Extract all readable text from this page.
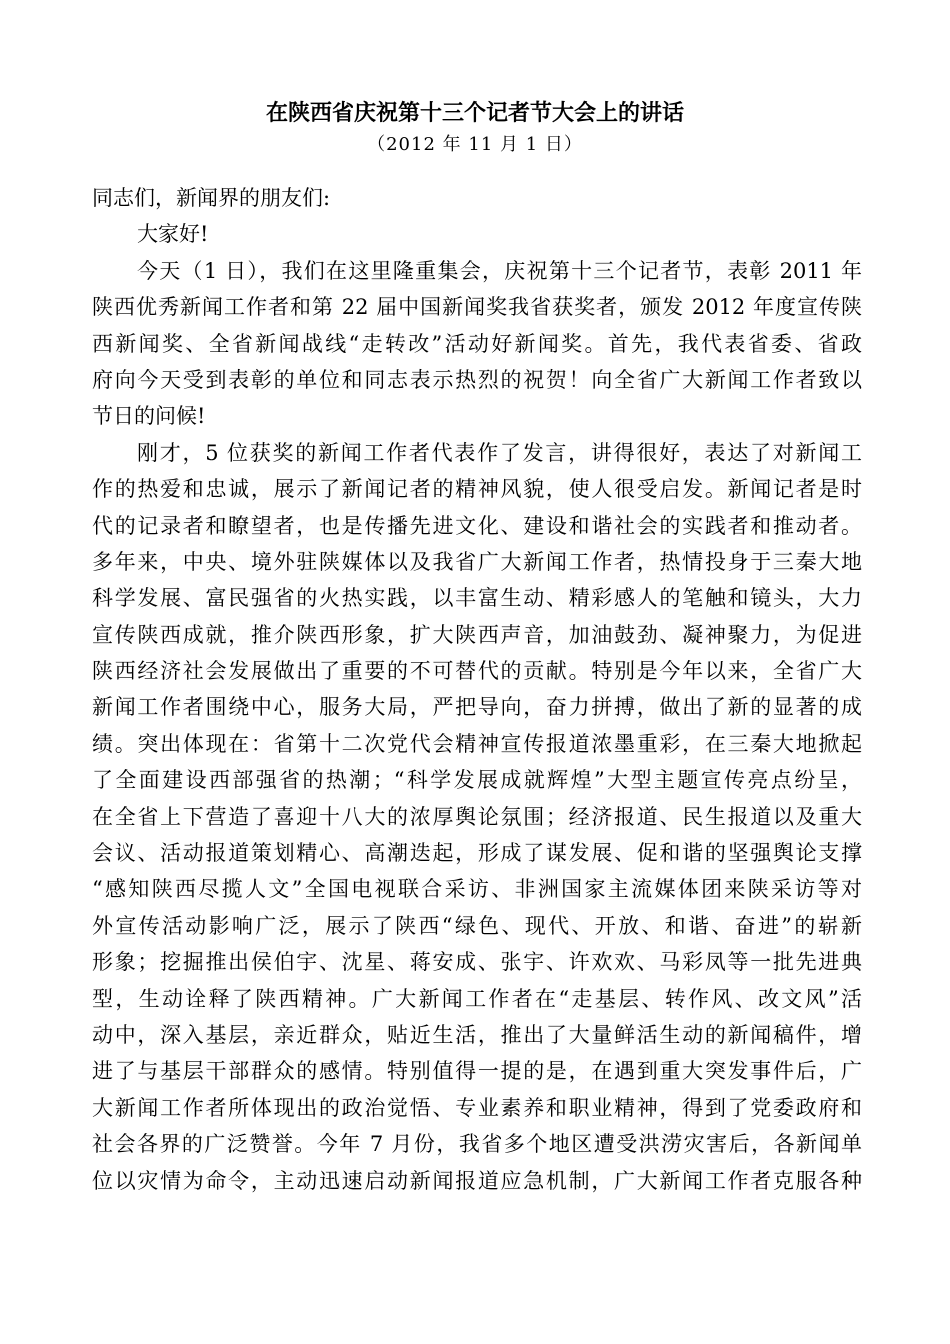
在陕西省庆祝第十三个记者节大会上的讲话
（2012 年 11 月 1 日）
同志们，新闻界的朋友们:
大家好!
今天（1 日），我们在这里隆重集会，庆祝第十三个记者节，表彰 2011 年
陕西优秀新闻工作者和第 22 届中国新闻奖我省获奖者，颁发 2012 年度宣传陕
西新闻奖、全省新闻战线“走转改”活动好新闻奖。首先，我代表省委、省政
府向今天受到表彰的单位和同志表示热烈的祝贺！向全省广大新闻工作者致以
节日的问候!
刚才，5 位获奖的新闻工作者代表作了发言，讲得很好，表达了对新闻工
作的热爱和忠诚，展示了新闻记者的精神风貌，使人很受启发。新闻记者是时
代的记录者和瞭望者，也是传播先进文化、建设和谐社会的实践者和推动者。
多年来，中央、境外驻陕媒体以及我省广大新闻工作者，热情投身于三秦大地
科学发展、富民强省的火热实践，以丰富生动、精彩感人的笔触和镜头，大力
宣传陕西成就，推介陕西形象，扩大陕西声音，加油鼓劲、凝神聚力，为促进
陕西经济社会发展做出了重要的不可替代的贡献。特别是今年以来，全省广大
新闻工作者围绕中心，服务大局，严把导向，奋力拼搏，做出了新的显著的成
绩。突出体现在：省第十二次党代会精神宣传报道浓墨重彩，在三秦大地掀起
了全面建设西部强省的热潮；“科学发展成就辉煌”大型主题宣传亮点纷呈，
在全省上下营造了喜迎十八大的浓厚舆论氛围；经济报道、民生报道以及重大
会议、活动报道策划精心、高潮迭起，形成了谋发展、促和谐的坚强舆论支撑
“感知陕西尽揽人文”全国电视联合采访、非洲国家主流媒体团来陕采访等对
外宣传活动影响广泛，展示了陕西“绿色、现代、开放、和谐、奋进”的崭新
形象；挖掘推出侯伯宇、沈星、蒋安成、张宇、许欢欢、马彩凤等一批先进典
型，生动诠释了陕西精神。广大新闻工作者在“走基层、转作风、改文风”活
动中，深入基层，亲近群众，贴近生活，推出了大量鲜活生动的新闻稿件，增
进了与基层干部群众的感情。特别值得一提的是，在遇到重大突发事件后，广
大新闻工作者所体现出的政治觉悟、专业素养和职业精神，得到了党委政府和
社会各界的广泛赞誉。今年 7 月份，我省多个地区遭受洪涝灾害后，各新闻单
位以灾情为命令，主动迅速启动新闻报道应急机制，广大新闻工作者克服各种
